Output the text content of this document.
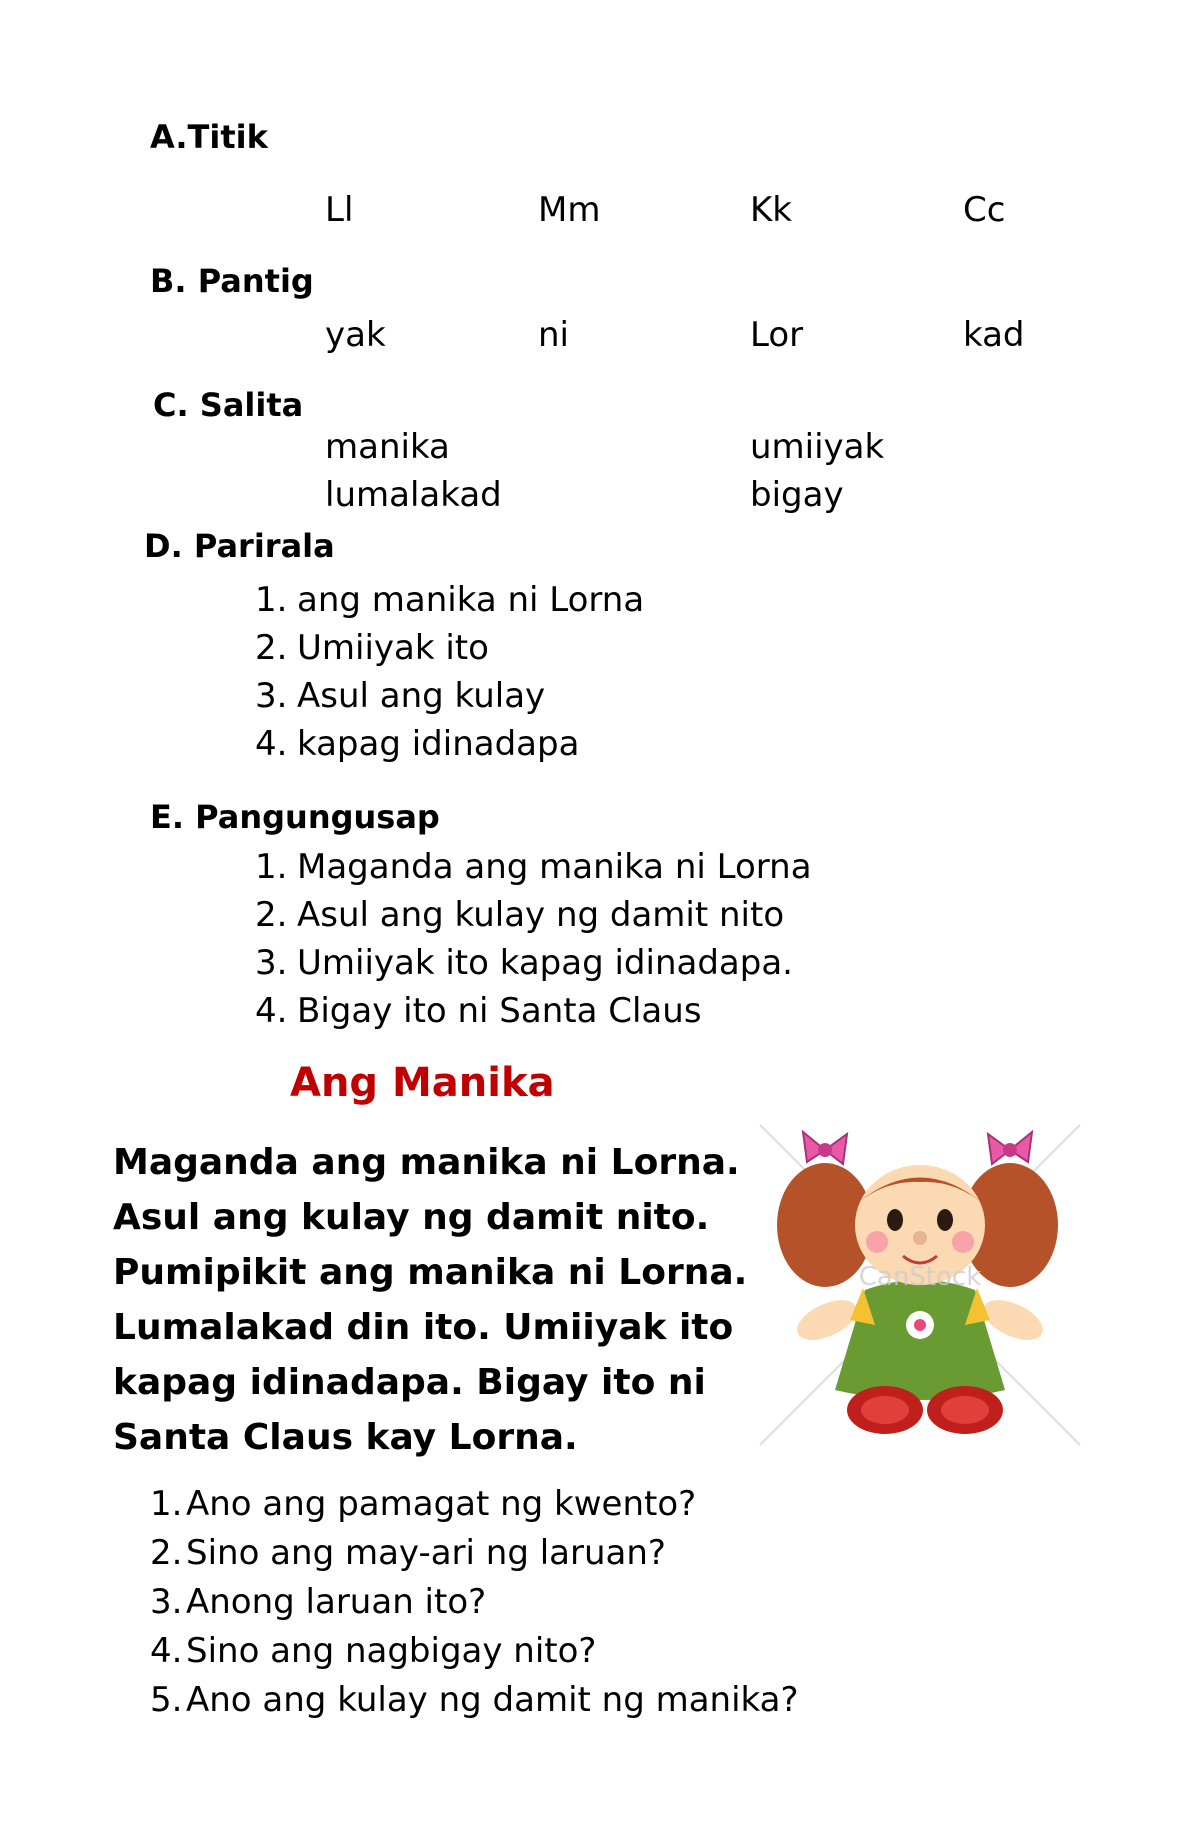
A.Titik
Ll	Mm	Kk	Cc
B. Pantig
yak	ni	Lor	kad
C. Salita
manika	umiiyak
lumalakad	bigay
D. Parirala
1. ang manika ni Lorna
2. Umiiyak ito
3. Asul ang kulay
4. kapag idinadapa
E. Pangungusap
1. Maganda ang manika ni Lorna
2. Asul ang kulay ng damit nito
3. Umiiyak ito kapag idinadapa.
4. Bigay ito ni Santa Claus
Ang Manika
Maganda ang manika ni Lorna.
Asul ang kulay ng damit nito.
Pumipikit ang manika ni Lorna.
Lumalakad din ito. Umiiyak ito
kapag idinadapa. Bigay ito ni
Santa Claus kay Lorna.
CanStock
1. Ano ang pamagat ng kwento?
2. Sino ang may-ari ng laruan?
3. Anong laruan ito?
4. Sino ang nagbigay nito?
5. Ano ang kulay ng damit ng manika?
